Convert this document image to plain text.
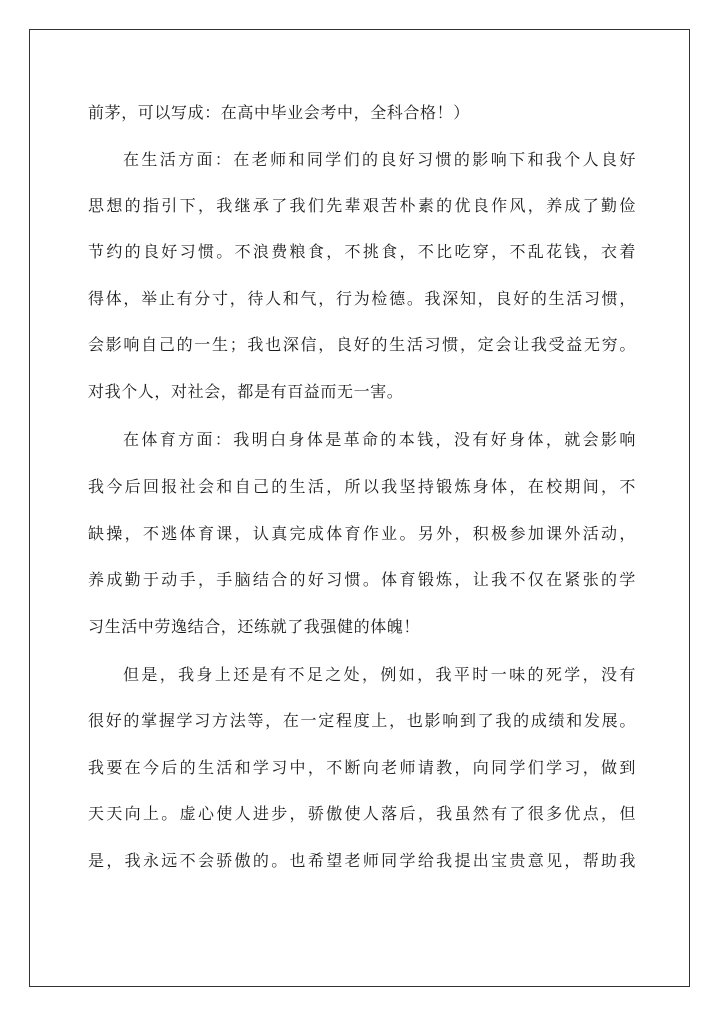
前茅，可以写成：在高中毕业会考中，全科合格！）
在生活方面：在老师和同学们的良好习惯的影响下和我个人良好
思想的指引下，我继承了我们先辈艰苦朴素的优良作风，养成了勤俭
节约的良好习惯。不浪费粮食，不挑食，不比吃穿，不乱花钱，衣着
得体，举止有分寸，待人和气，行为检德。我深知，良好的生活习惯，
会影响自己的一生；我也深信，良好的生活习惯，定会让我受益无穷。
对我个人，对社会，都是有百益而无一害。
在体育方面：我明白身体是革命的本钱，没有好身体，就会影响
我今后回报社会和自己的生活，所以我坚持锻炼身体，在校期间，不
缺操，不逃体育课，认真完成体育作业。另外，积极参加课外活动，
养成勤于动手，手脑结合的好习惯。体育锻炼，让我不仅在紧张的学
习生活中劳逸结合，还练就了我强健的体魄！
但是，我身上还是有不足之处，例如，我平时一味的死学，没有
很好的掌握学习方法等，在一定程度上，也影响到了我的成绩和发展。
我要在今后的生活和学习中，不断向老师请教，向同学们学习，做到
天天向上。虚心使人进步，骄傲使人落后，我虽然有了很多优点，但
是，我永远不会骄傲的。也希望老师同学给我提出宝贵意见，帮助我
